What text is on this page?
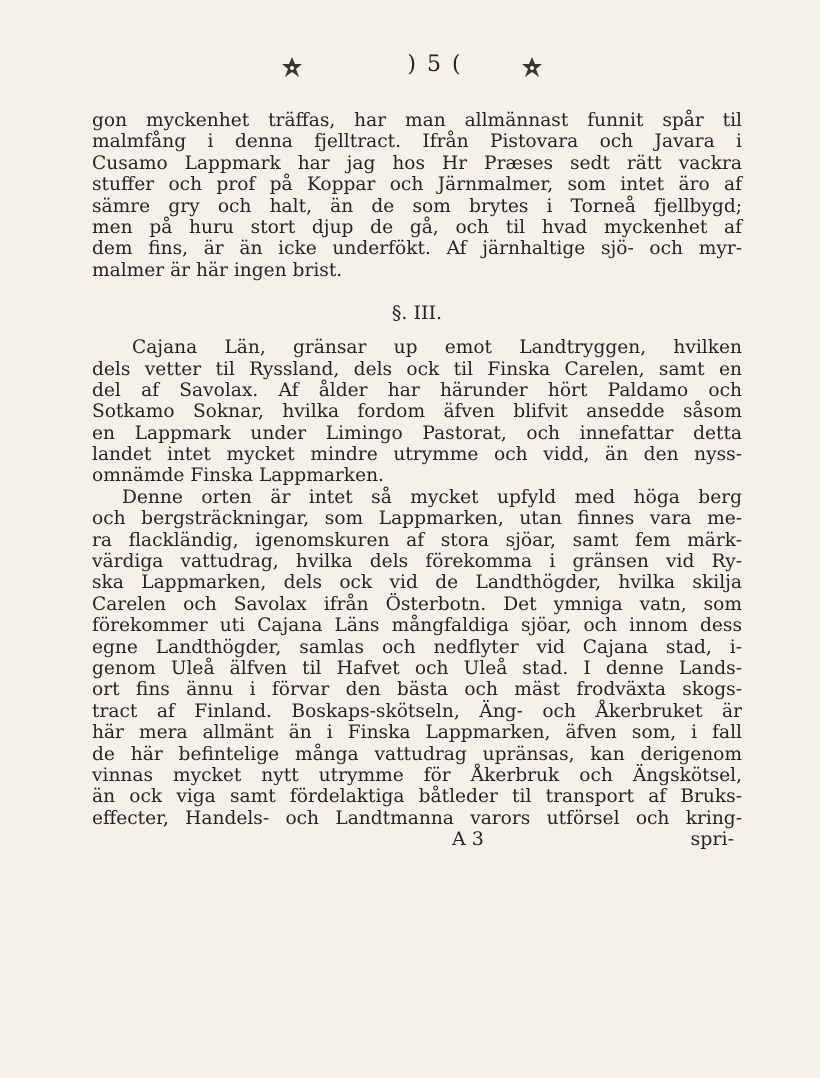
) 5 (
gon myckenhet träffas, har man allmännast funnit spår til
malmfång i denna fjelltract. Ifrån Pistovara och Javara i
Cusamo Lappmark har jag hos Hr Præses sedt rätt vackra
stuffer och prof på Koppar och Järnmalmer, som intet äro af
sämre gry och halt, än de som brytes i Torneå fjellbygd;
men på huru stort djup de gå, och til hvad myckenhet af
dem fins, är än icke underfökt. Af järnhaltige sjö- och myr-
malmer är här ingen brist.
§. III.
Cajana Län, gränsar up emot Landtryggen, hvilken
dels vetter til Ryssland, dels ock til Finska Carelen, samt en
del af Savolax. Af ålder har härunder hört Paldamo och
Sotkamo Soknar, hvilka fordom äfven blifvit ansedde såsom
en Lappmark under Limingo Pastorat, och innefattar detta
landet intet mycket mindre utrymme och vidd, än den nyss-
omnämde Finska Lappmarken.
Denne orten är intet så mycket upfyld med höga berg
och bergsträckningar, som Lappmarken, utan finnes vara me-
ra flackländig, igenomskuren af stora sjöar, samt fem märk-
värdiga vattudrag, hvilka dels förekomma i gränsen vid Ry-
ska Lappmarken, dels ock vid de Landthögder, hvilka skilja
Carelen och Savolax ifrån Österbotn. Det ymniga vatn, som
förekommer uti Cajana Läns mångfaldiga sjöar, och innom dess
egne Landthögder, samlas och nedflyter vid Cajana stad, i-
genom Uleå älfven til Hafvet och Uleå stad. I denne Lands-
ort fins ännu i förvar den bästa och mäst frodväxta skogs-
tract af Finland. Boskaps-skötseln, Äng- och Åkerbruket är
här mera allmänt än i Finska Lappmarken, äfven som, i fall
de här befintelige många vattudrag upränsas, kan derigenom
vinnas mycket nytt utrymme för Åkerbruk och Ängskötsel,
än ock viga samt fördelaktiga båtleder til transport af Bruks-
effecter, Handels- och Landtmanna varors utförsel och kring-
A 3	spri-
